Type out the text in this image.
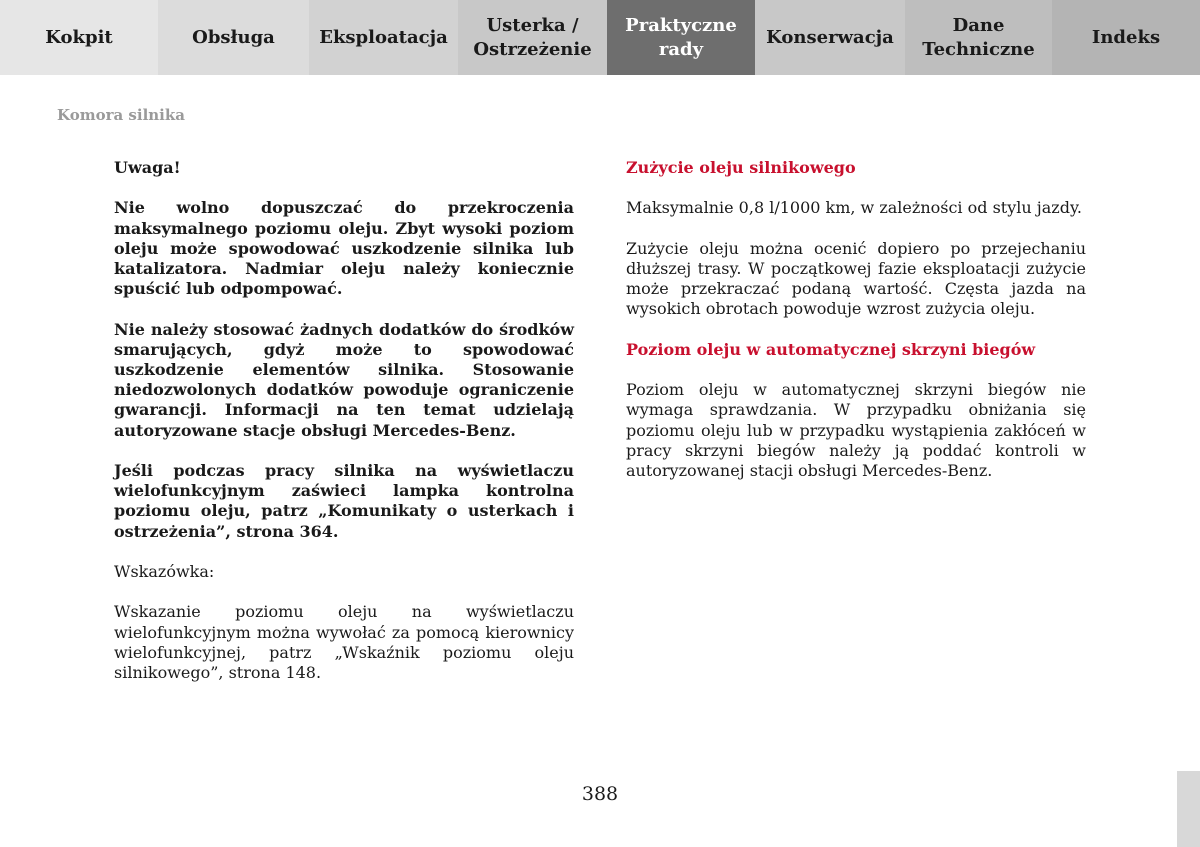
Kokpit	Obsługa	Eksploatacja
Usterka /
Ostrzeżenie
Praktyczne
rady
Konserwacja
Dane
Techniczne
Indeks
Komora silnika

Uwaga!

Nie wolno dopuszczać do przekroczenia maksymalnego poziomu oleju. Zbyt wysoki poziom oleju może spowodować uszkodzenie silnika lub katalizatora. Nadmiar oleju należy koniecznie spuścić lub odpompować.

Nie należy stosować żadnych dodatków do środków smarujących, gdyż może to spowodować uszkodzenie elementów silnika. Stosowanie niedozwolonych dodatków powoduje ograniczenie gwarancji. Informacji na ten temat udzielają autoryzowane stacje obsługi Mercedes-Benz.

Jeśli podczas pracy silnika na wyświetlaczu wielofunkcyjnym zaświeci lampka kontrolna poziomu oleju, patrz „Komunikaty o usterkach i ostrzeżenia”, strona 364.

Wskazówka:

Wskazanie poziomu oleju na wyświetlaczu wielofunkcyjnym można wywołać za pomocą kierownicy wielofunkcyjnej, patrz „Wskaźnik poziomu oleju silnikowego”, strona 148.

Zużycie oleju silnikowego

Maksymalnie 0,8 l/1000 km, w zależności od stylu jazdy.

Zużycie oleju można ocenić dopiero po przejechaniu dłuższej trasy. W początkowej fazie eksploatacji zużycie może przekraczać podaną wartość. Częsta jazda na wysokich obrotach powoduje wzrost zużycia oleju.

Poziom oleju w automatycznej skrzyni biegów

Poziom oleju w automatycznej skrzyni biegów nie wymaga sprawdzania. W przypadku obniżania się poziomu oleju lub w przypadku wystąpienia zakłóceń w pracy skrzyni biegów należy ją poddać kontroli w autoryzowanej stacji obsługi Mercedes-Benz.

388
